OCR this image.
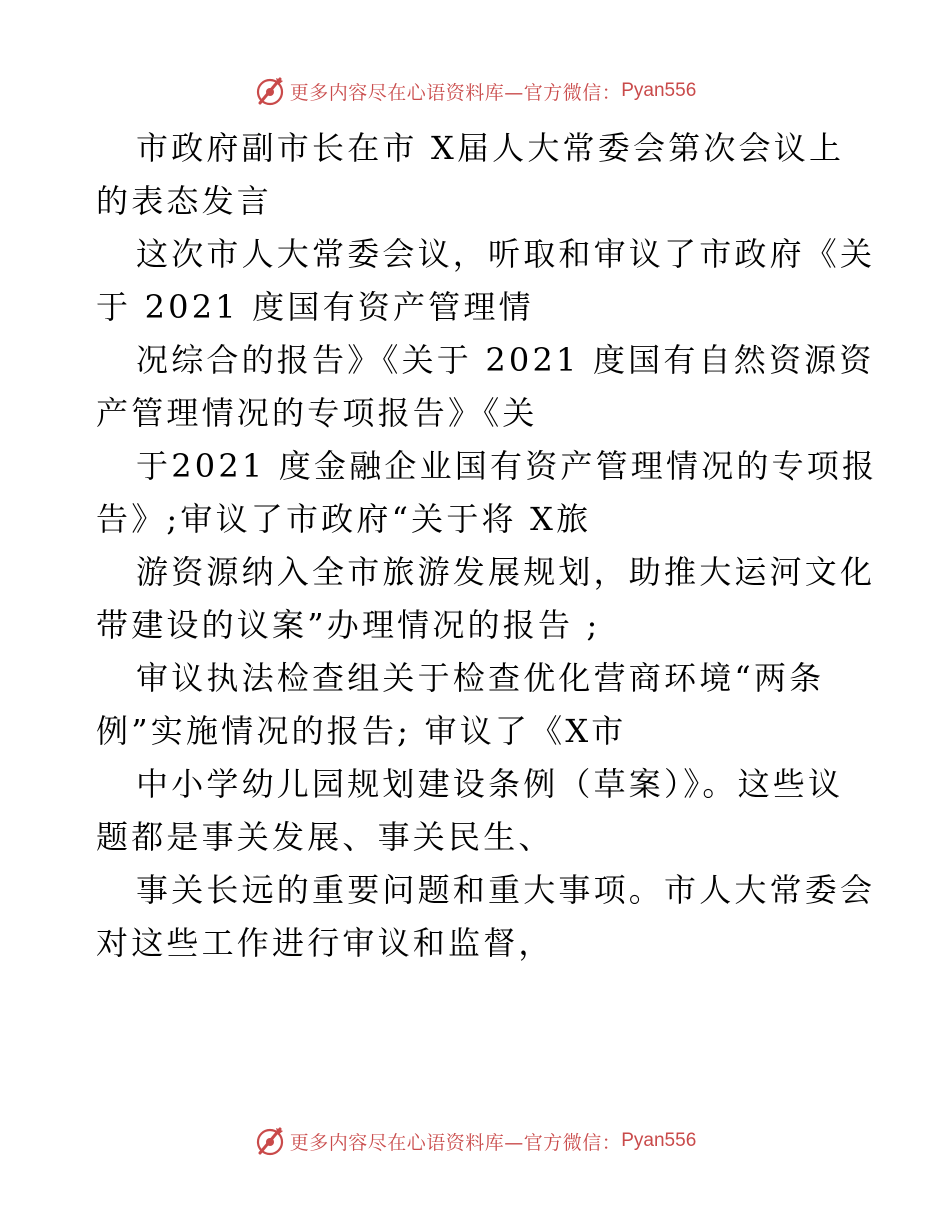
更多内容尽在心语资料库—官方微信： Pyan556
市政府副市长在市 X届人大常委会第次会议上
的表态发言
这次市人大常委会议，听取和审议了市政府《关
于 2021 度国有资产管理情
况综合的报告》《关于 2021 度国有自然资源资
产管理情况的专项报告》《关
于2021 度金融企业国有资产管理情况的专项报
告》;审议了市政府“关于将 X旅
游资源纳入全市旅游发展规划，助推大运河文化
带建设的议案”办理情况的报告 ;
审议执法检查组关于检查优化营商环境“两条
例”实施情况的报告; 审议了《X市
中小学幼儿园规划建设条例（草案）》。这些议
题都是事关发展、事关民生、
事关长远的重要问题和重大事项。市人大常委会
对这些工作进行审议和监督，
更多内容尽在心语资料库—官方微信： Pyan556
